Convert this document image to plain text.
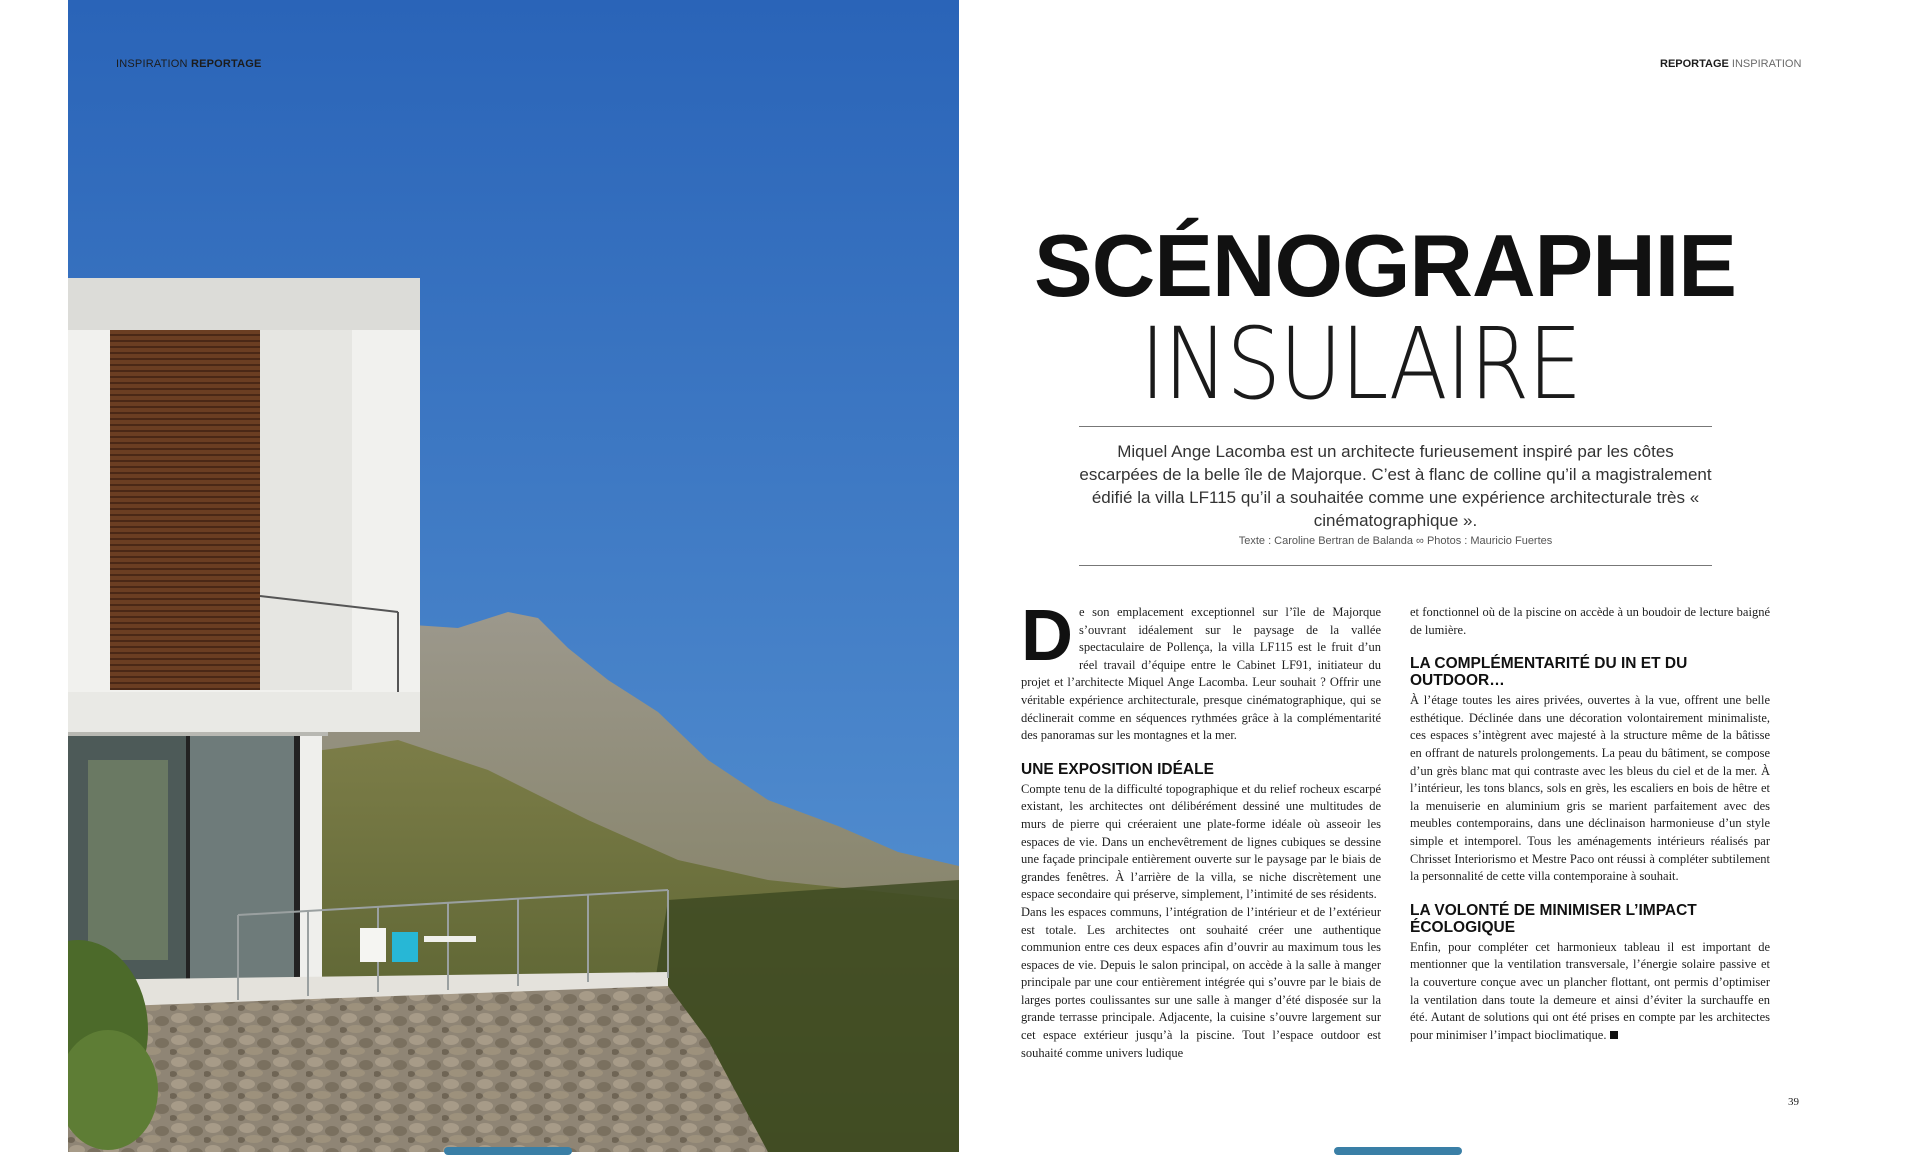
INSPIRATION REPORTAGE	REPORTAGE INSPIRATION
SCÉNOGRAPHIE
INSULAIRE
Miquel Ange Lacomba est un architecte furieusement inspiré par les côtes escarpées de la belle île de Majorque. C’est à flanc de colline qu’il a magistralement édifié la villa LF115 qu’il a souhaitée comme une expérience architecturale très « cinématographique ».
Texte : Caroline Bertran de Balanda ∞ Photos : Mauricio Fuertes

De son emplacement exceptionnel sur l’île de Majorque s’ouvrant idéalement sur le paysage de la vallée spectaculaire de Pollença, la villa LF115 est le fruit d’un réel travail d’équipe entre le Cabinet LF91, initiateur du projet et l’architecte Miquel Ange Lacomba. Leur souhait ? Offrir une véritable expérience architecturale, presque cinématographique, qui se déclinerait comme en séquences rythmées grâce à la complémentarité des panoramas sur les montagnes et la mer.

UNE EXPOSITION IDÉALE

Compte tenu de la difficulté topographique et du relief rocheux escarpé existant, les architectes ont délibérément dessiné une multitudes de murs de pierre qui créeraient une plate-forme idéale où asseoir les espaces de vie. Dans un enchevêtrement de lignes cubiques se dessine une façade principale entièrement ouverte sur le paysage par le biais de grandes fenêtres. À l’arrière de la villa, se niche discrètement une espace secondaire qui préserve, simplement, l’intimité de ses résidents.

Dans les espaces communs, l’intégration de l’intérieur et de l’extérieur est totale. Les architectes ont souhaité créer une authentique communion entre ces deux espaces afin d’ouvrir au maximum tous les espaces de vie. Depuis le salon principal, on accède à la salle à manger principale par une cour entièrement intégrée qui s’ouvre par le biais de larges portes coulissantes sur une salle à manger d’été disposée sur la grande terrasse principale. Adjacente, la cuisine s’ouvre largement sur cet espace extérieur jusqu’à la piscine. Tout l’espace outdoor est souhaité comme univers ludique

et fonctionnel où de la piscine on accède à un boudoir de lecture baigné de lumière.

LA COMPLÉMENTARITÉ DU IN ET DU OUTDOOR…

À l’étage toutes les aires privées, ouvertes à la vue, offrent une belle esthétique. Déclinée dans une décoration volontairement minimaliste, ces espaces s’intègrent avec majesté à la structure même de la bâtisse en offrant de naturels prolongements. La peau du bâtiment, se compose d’un grès blanc mat qui contraste avec les bleus du ciel et de la mer. À l’intérieur, les tons blancs, sols en grès, les escaliers en bois de hêtre et la menuiserie en aluminium gris se marient parfaitement avec des meubles contemporains, dans une déclinaison harmonieuse d’un style simple et intemporel. Tous les aménagements intérieurs réalisés par Chrisset Interiorismo et Mestre Paco ont réussi à compléter subtilement la personnalité de cette villa contemporaine à souhait.

LA VOLONTÉ DE MINIMISER L’IMPACT ÉCOLOGIQUE

Enfin, pour compléter cet harmonieux tableau il est important de mentionner que la ventilation transversale, l’énergie solaire passive et la couverture conçue avec un plancher flottant, ont permis d’optimiser la ventilation dans toute la demeure et ainsi d’éviter la surchauffe en été. Autant de solutions qui ont été prises en compte par les architectes pour minimiser l’impact bioclimatique.

39
